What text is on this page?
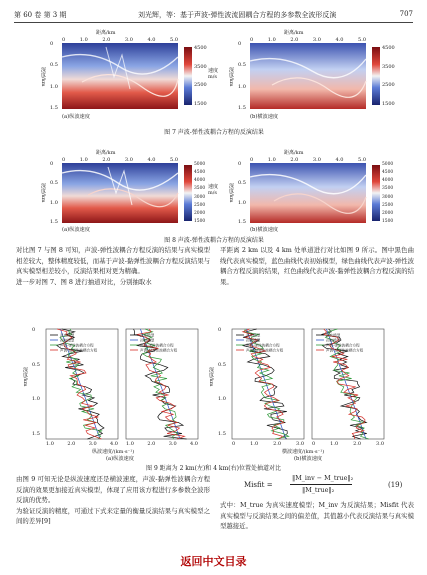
第 60 卷 第 3 期	刘光辉，等：基于声波-弹性波流固耦合方程的多参数全波形反演	707
距离/km	距离/km
0	1.0	2.0	3.0	4.0	5.0	0	1.0	2.0	3.0	4.0	5.0
0
0.5
1.0
1.5
0
0.5
1.0
1.5
深度/km	深度/km
4500
3500
2500
1500
4500
3500
2500
1500
速度
m/s
(a)纵波速度	(b)横波速度
图 7 声波-弹性波耦合方程的反演结果
距离/km	距离/km
0	1.0	2.0	3.0	4.0	5.0	0	1.0	2.0	3.0	4.0	5.0
0
0.5
1.0
1.5
0
0.5
1.0
1.5
深度/km	深度/km
5000
4500
4000
3500
3000
2500
2000
1500
5000
4500
4000
3500
3000
2500
2000
1500
速度
m/s
(a)纵波速度	(b)横波速度
图 8 声波-弹性波耦合方程的反演结果
对比图 7 与图 8 可知，声波-弹性波耦合方程反演的结果与真实模型相差较大，整体精度较低，而基于声波-黏弹性波耦合方程反演结果与真实模型相差较小，反演结果相对更为精确。
进一步对图 7、图 8 进行抽道对比，分别抽取水
平距离 2 km 以及 4 km 处单道进行对比如图 9 所示。图中黑色曲线代表真实模型，蓝色曲线代表初始模型，绿色曲线代表声波-弹性波耦合方程反演的结果，红色曲线代表声波-黏弹性波耦合方程反演的结果。
真实模型
初始模型
声波-弹性波耦合方程
声波-黏弹性波耦合方程
真实模型
初始模型
声波-弹性波耦合方程
声波-黏弹性波耦合方程
真实模型
初始模型
声波-弹性波耦合方程
声波-黏弹性波耦合方程
真实模型
初始模型
声波-弹性波耦合方程
声波-黏弹性波耦合方程
0
0.5
1.0
1.5
0
0.5
1.0
1.5
深度/km	深度/km
1.0	2.0	3.0	4.0 1.0	2.0	3.0	4.0	0	1.0	2.0	3.0 0	1.0	2.0	3.0
纵波速度/(km·s⁻¹)	横波速度/(km·s⁻¹)
(a)纵波速度	(b)横波速度
图 9 距离为 2 km(左)和 4 km(右)位置处抽道对比
由图 9 可知无论是纵波速度还是横波速度，声波-黏弹性波耦合方程反演的效果更加接近真实模型，体现了应用该方程进行多参数全波形反演的优势。
为验证反演的精度，可通过下式来定量的衡量反演结果与真实模型之间的差异[9]
Misfit =
‖M_inv − M_true‖₂
‖M_true‖₂
(19)
式中：M_true 为真实速度模型；M_inv 为反演结果；Misfit 代表真实模型与反演结果之间的偏差值，其值越小代表反演结果与真实模型越接近。
返回中文目录
